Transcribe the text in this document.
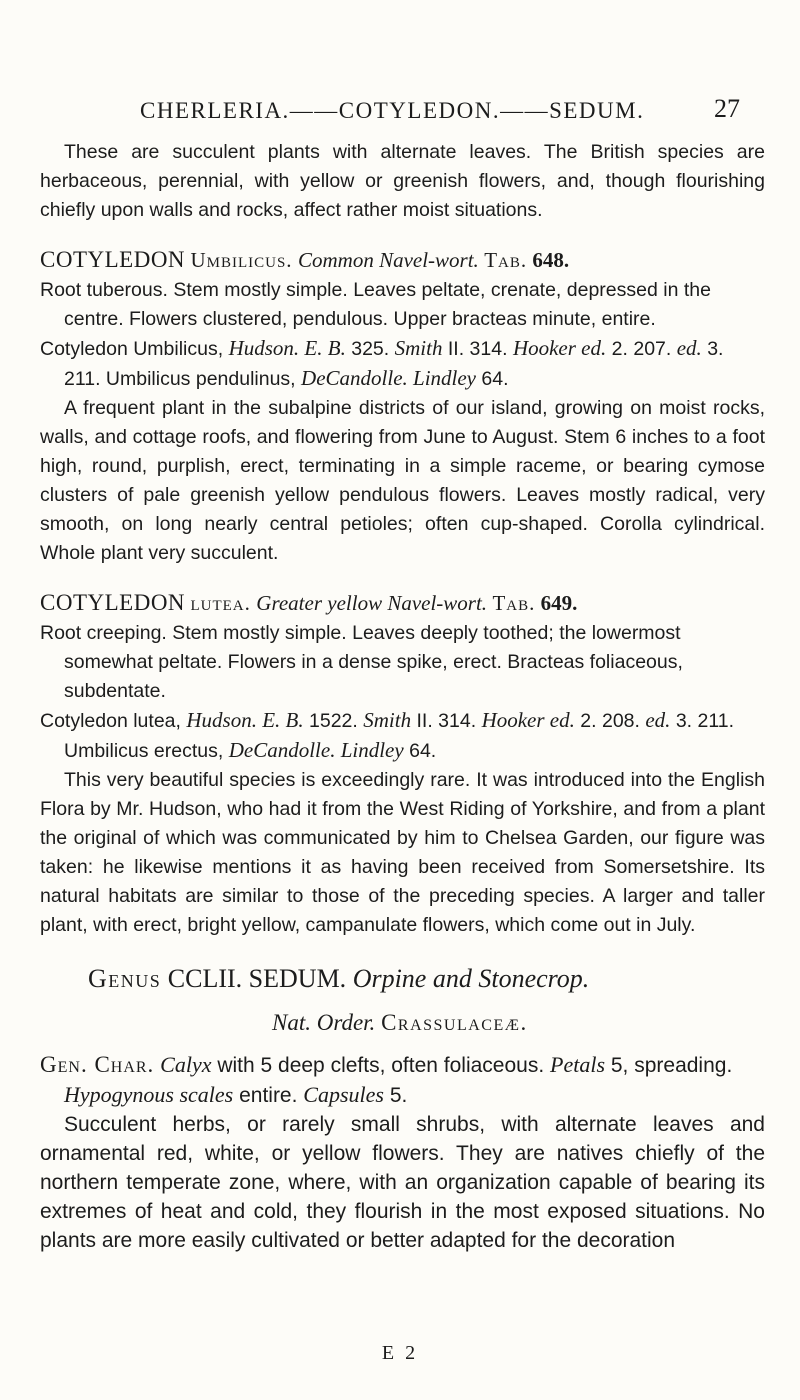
CHERLERIA.——COTYLEDON.——SEDUM.	27

These are succulent plants with alternate leaves. The British species are herbaceous, perennial, with yellow or greenish flowers, and, though flourishing chiefly upon walls and rocks, affect rather moist situations.

COTYLEDON Umbilicus. Common Navel-wort. Tab. 648.

Root tuberous. Stem mostly simple. Leaves peltate, crenate, depressed in the centre. Flowers clustered, pendulous. Upper bracteas minute, entire.

Cotyledon Umbilicus, Hudson. E. B. 325. Smith II. 314. Hooker ed. 2. 207. ed. 3. 211. Umbilicus pendulinus, DeCandolle. Lindley 64.

A frequent plant in the subalpine districts of our island, growing on moist rocks, walls, and cottage roofs, and flowering from June to August. Stem 6 inches to a foot high, round, purplish, erect, terminating in a simple raceme, or bearing cymose clusters of pale greenish yellow pendulous flowers. Leaves mostly radical, very smooth, on long nearly central petioles; often cup-shaped. Corolla cylindrical. Whole plant very succulent.

COTYLEDON lutea. Greater yellow Navel-wort. Tab. 649.

Root creeping. Stem mostly simple. Leaves deeply toothed; the lowermost somewhat peltate. Flowers in a dense spike, erect. Bracteas foliaceous, subdentate.

Cotyledon lutea, Hudson. E. B. 1522. Smith II. 314. Hooker ed. 2. 208. ed. 3. 211. Umbilicus erectus, DeCandolle. Lindley 64.

This very beautiful species is exceedingly rare. It was introduced into the English Flora by Mr. Hudson, who had it from the West Riding of Yorkshire, and from a plant the original of which was communicated by him to Chelsea Garden, our figure was taken: he likewise mentions it as having been received from Somersetshire. Its natural habitats are similar to those of the preceding species. A larger and taller plant, with erect, bright yellow, campanulate flowers, which come out in July.

Genus CCLII. SEDUM. Orpine and Stonecrop.

Nat. Order. Crassulaceæ.

Gen. Char. Calyx with 5 deep clefts, often foliaceous. Petals 5, spreading. Hypogynous scales entire. Capsules 5.

Succulent herbs, or rarely small shrubs, with alternate leaves and ornamental red, white, or yellow flowers. They are natives chiefly of the northern temperate zone, where, with an organization capable of bearing its extremes of heat and cold, they flourish in the most exposed situations. No plants are more easily cultivated or better adapted for the decoration

E 2
